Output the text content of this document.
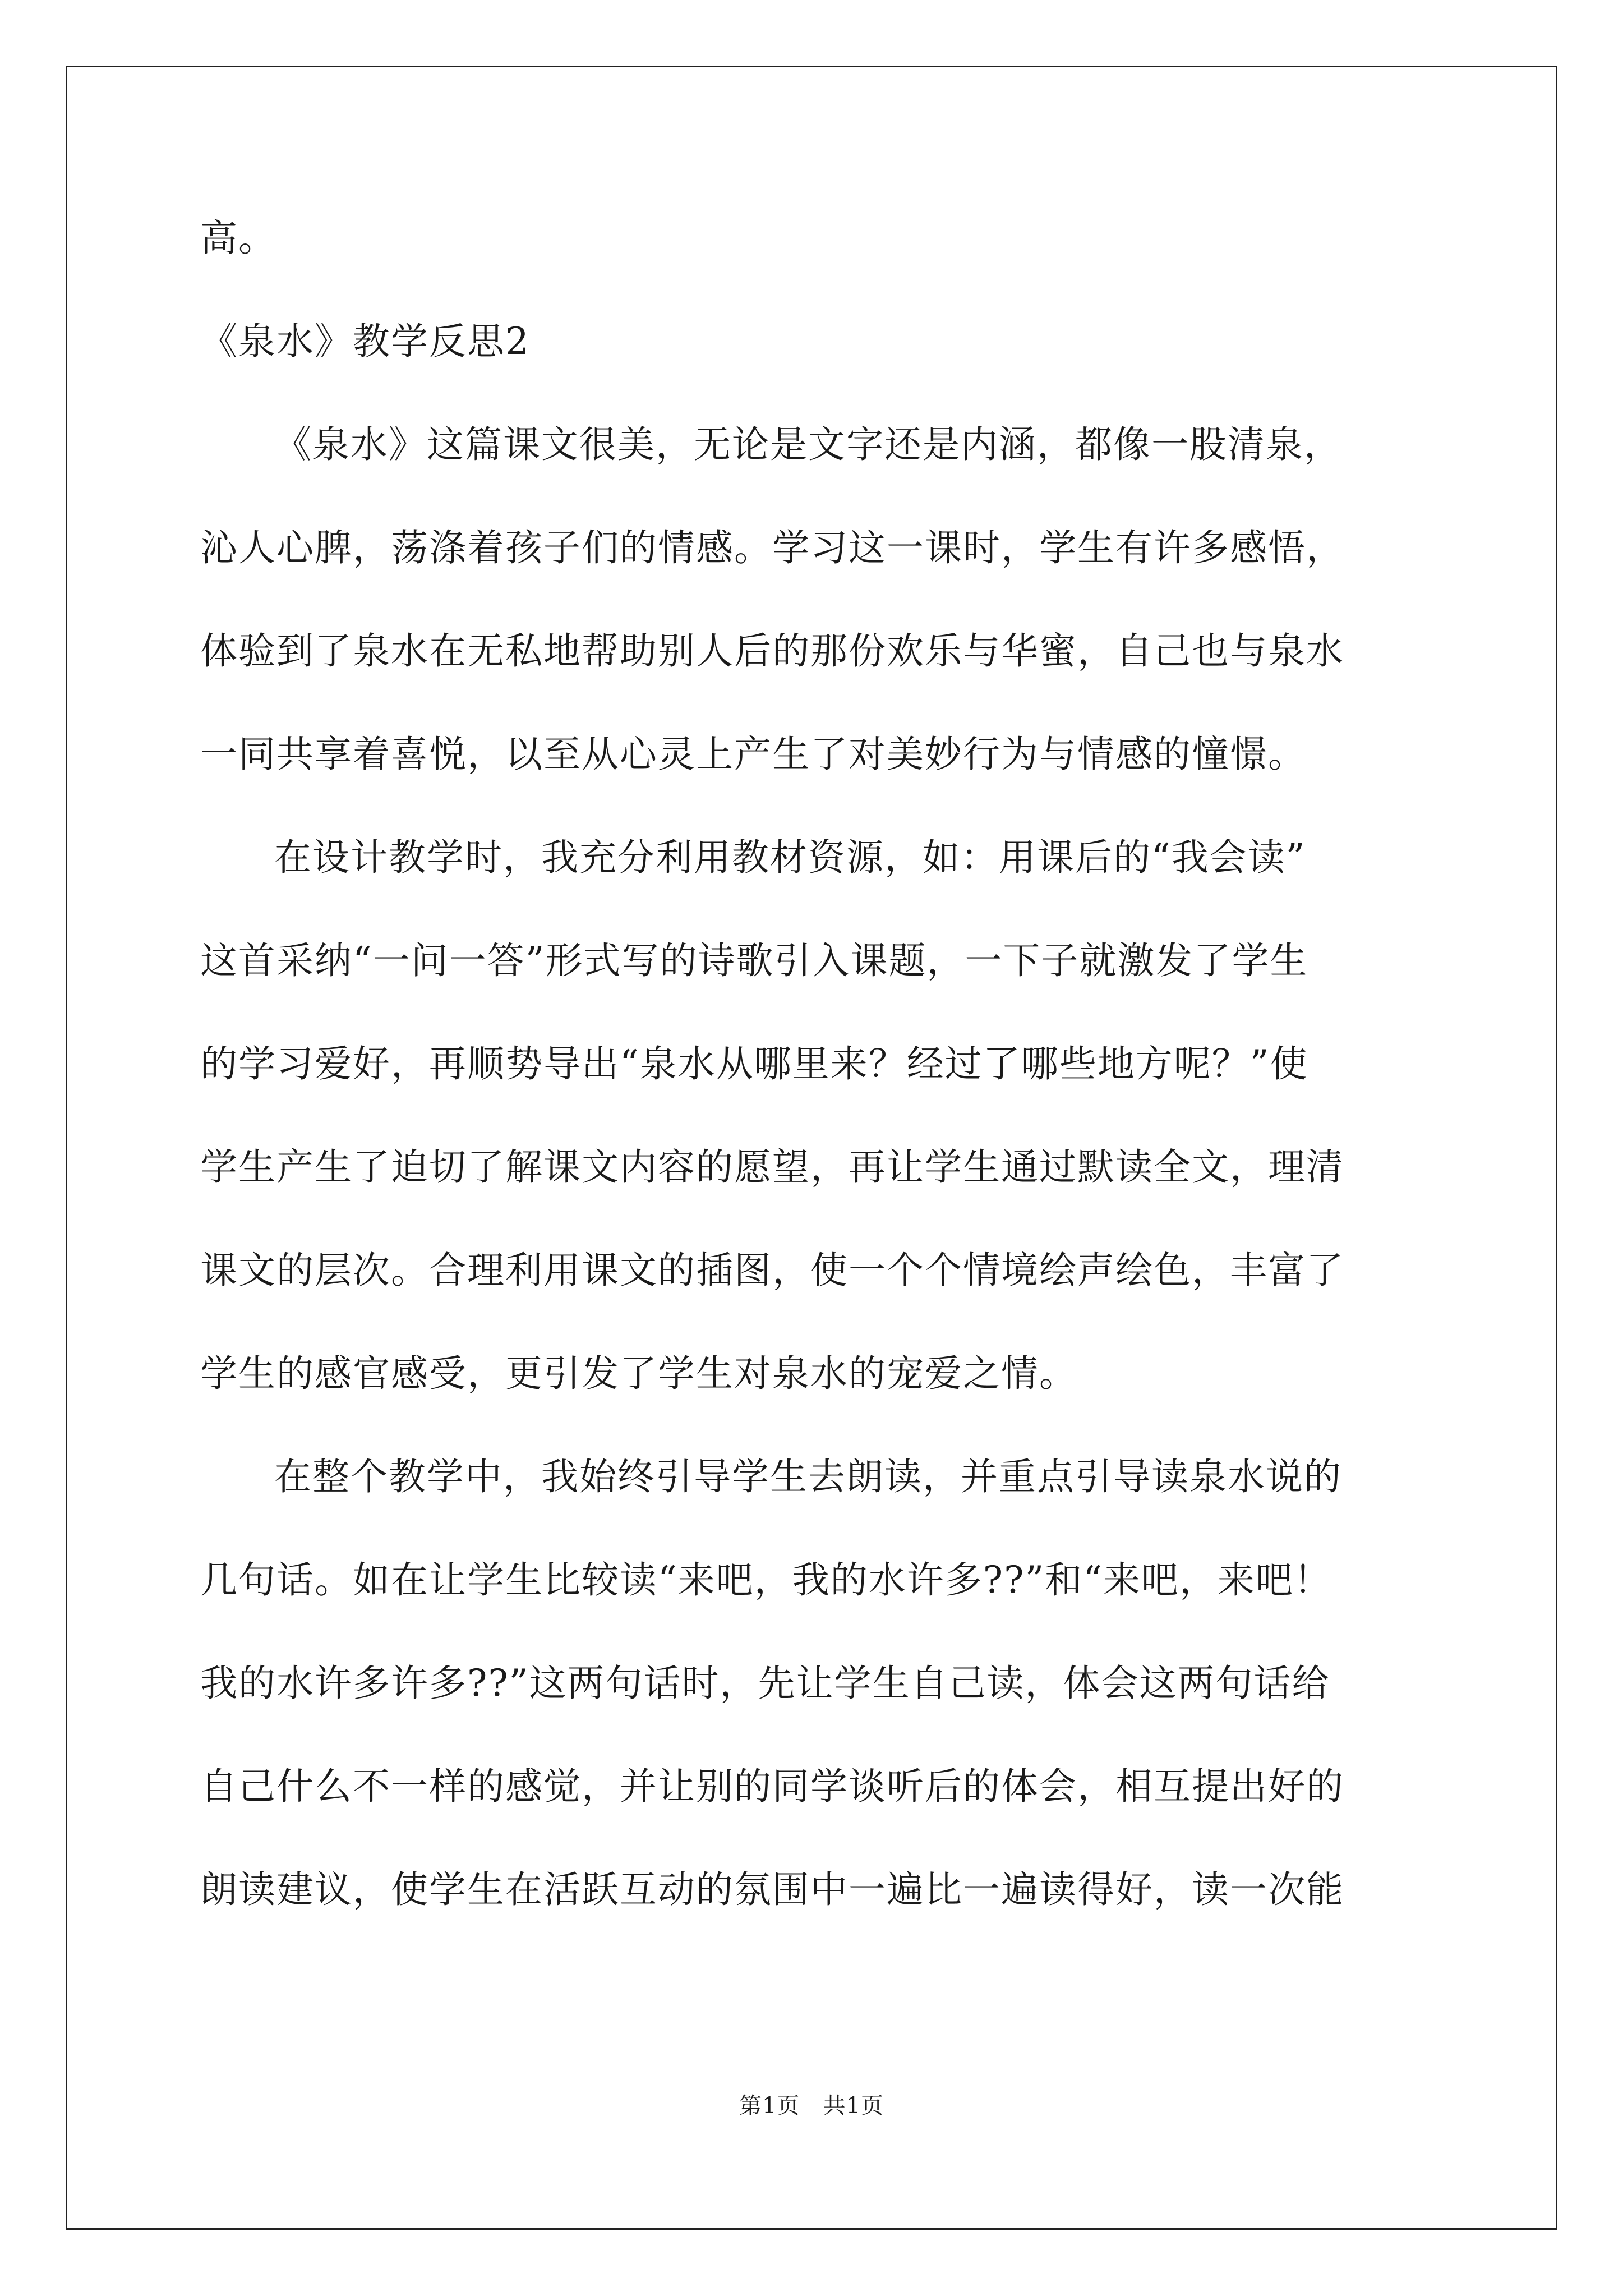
高。
《泉水》教学反思2
《泉水》这篇课文很美，无论是文字还是内涵，都像一股清泉，
沁人心脾，荡涤着孩子们的情感。学习这一课时，学生有许多感悟，
体验到了泉水在无私地帮助别人后的那份欢乐与华蜜，自己也与泉水
一同共享着喜悦，以至从心灵上产生了对美妙行为与情感的憧憬。
在设计教学时，我充分利用教材资源，如：用课后的“我会读”
这首采纳“一问一答”形式写的诗歌引入课题，一下子就激发了学生
的学习爱好，再顺势导出“泉水从哪里来？经过了哪些地方呢？”使
学生产生了迫切了解课文内容的愿望，再让学生通过默读全文，理清
课文的层次。合理利用课文的插图，使一个个情境绘声绘色，丰富了
学生的感官感受，更引发了学生对泉水的宠爱之情。
在整个教学中，我始终引导学生去朗读，并重点引导读泉水说的
几句话。如在让学生比较读“来吧，我的水许多??”和“来吧，来吧！
我的水许多许多??”这两句话时，先让学生自己读，体会这两句话给
自己什么不一样的感觉，并让别的同学谈听后的体会，相互提出好的
朗读建议，使学生在活跃互动的氛围中一遍比一遍读得好，读一次能
第1页   共1页
